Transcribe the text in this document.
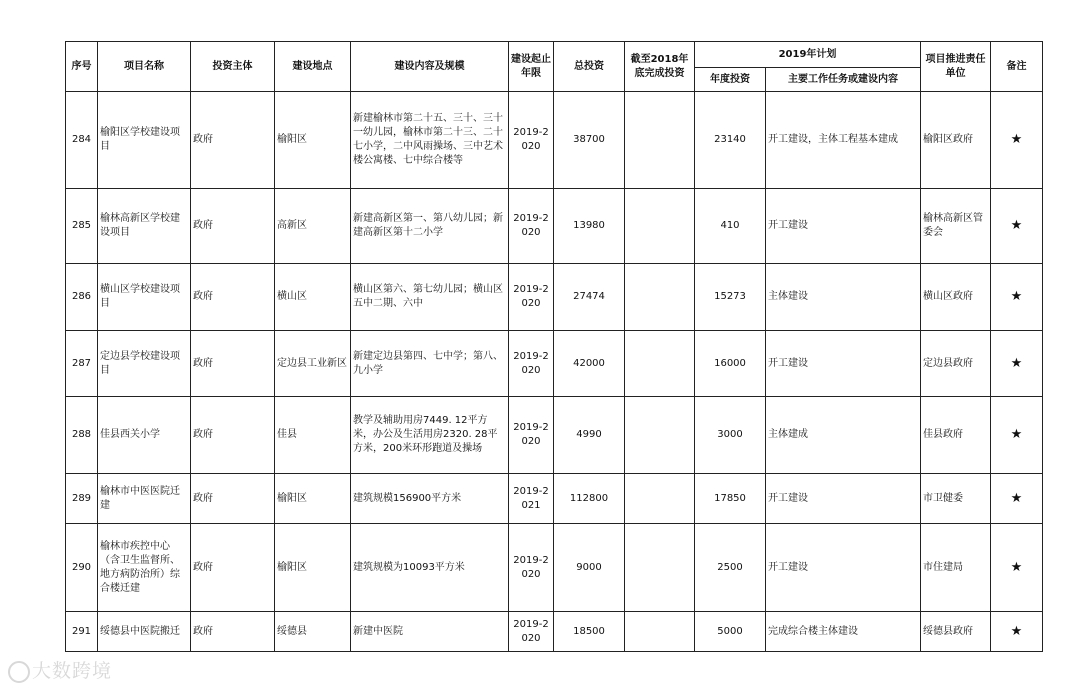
序号	项目名称	投资主体	建设地点	建设内容及规模	建设起止年限	总投资	截至2018年底完成投资	2019年计划		项目推进责任单位	备注
								年度投资	主要工作任务或建设内容		
284	榆阳区学校建设项目	政府	榆阳区	新建榆林市第二十五、三十、三十一幼儿园，榆林市第二十三、二十七小学，二中风雨操场、三中艺术楼公寓楼、七中综合楼等	2019-2020	38700		23140	开工建设，主体工程基本建成	榆阳区政府	★
285	榆林高新区学校建设项目	政府	高新区	新建高新区第一、第八幼儿园；新建高新区第十二小学	2019-2020	13980		410	开工建设	榆林高新区管委会	★
286	横山区学校建设项目	政府	横山区	横山区第六、第七幼儿园；横山区五中二期、六中	2019-2020	27474		15273	主体建设	横山区政府	★
287	定边县学校建设项目	政府	定边县工业新区	新建定边县第四、七中学；第八、九小学	2019-2020	42000		16000	开工建设	定边县政府	★
288	佳县西关小学	政府	佳县	教学及辅助用房7449. 12平方米，办公及生活用房2320. 28平方米，200米环形跑道及操场	2019-2020	4990		3000	主体建成	佳县政府	★
289	榆林市中医医院迁建	政府	榆阳区	建筑规模156900平方米	2019-2021	112800		17850	开工建设	市卫健委	★
290	榆林市疾控中心（含卫生监督所、地方病防治所）综合楼迁建	政府	榆阳区	建筑规模为10093平方米	2019-2020	9000		2500	开工建设	市住建局	★
291	绥德县中医院搬迁	政府	绥德县	新建中医院	2019-2020	18500		5000	完成综合楼主体建设	绥德县政府	★
大数跨境
